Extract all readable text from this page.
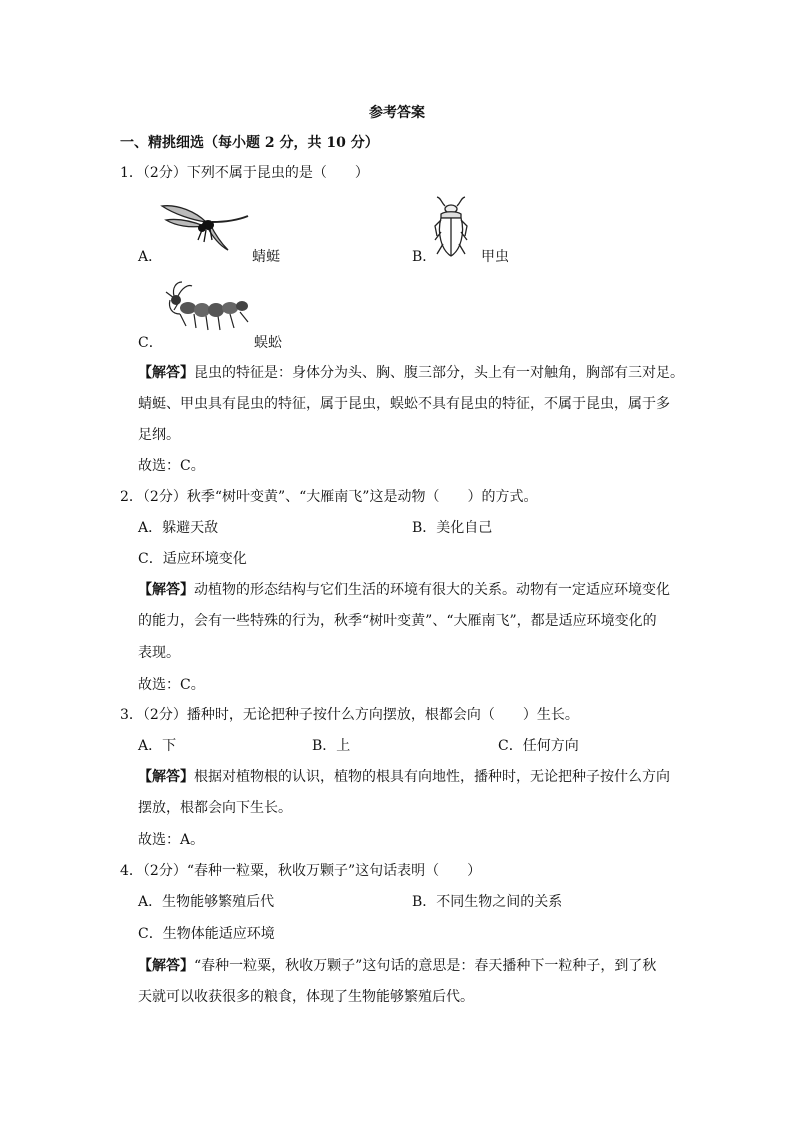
参考答案
一、精挑细选（每小题 2 分，共 10 分）
1．（2分）下列不属于昆虫的是（　　）
A．	蜻蜓	B．	甲虫
C．	蜈蚣
【解答】昆虫的特征是：身体分为头、胸、腹三部分，头上有一对触角，胸部有三对足。
蜻蜓、甲虫具有昆虫的特征，属于昆虫，蜈蚣不具有昆虫的特征，不属于昆虫，属于多
足纲。
故选：C。
2．（2分）秋季“树叶变黄”、“大雁南飞”这是动物（　　）的方式。
A．躲避天敌	B．美化自己
C．适应环境变化
【解答】动植物的形态结构与它们生活的环境有很大的关系。动物有一定适应环境变化
的能力，会有一些特殊的行为，秋季“树叶变黄”、“大雁南飞”，都是适应环境变化的
表现。
故选：C。
3．（2分）播种时，无论把种子按什么方向摆放，根都会向（　　）生长。
A．下	B．上	C．任何方向
【解答】根据对植物根的认识，植物的根具有向地性，播种时，无论把种子按什么方向
摆放，根都会向下生长。
故选：A。
4．（2分）“春种一粒粟，秋收万颗子”这句话表明（　　）
A．生物能够繁殖后代	B．不同生物之间的关系
C．生物体能适应环境
【解答】“春种一粒粟，秋收万颗子”这句话的意思是：春天播种下一粒种子，到了秋
天就可以收获很多的粮食，体现了生物能够繁殖后代。
